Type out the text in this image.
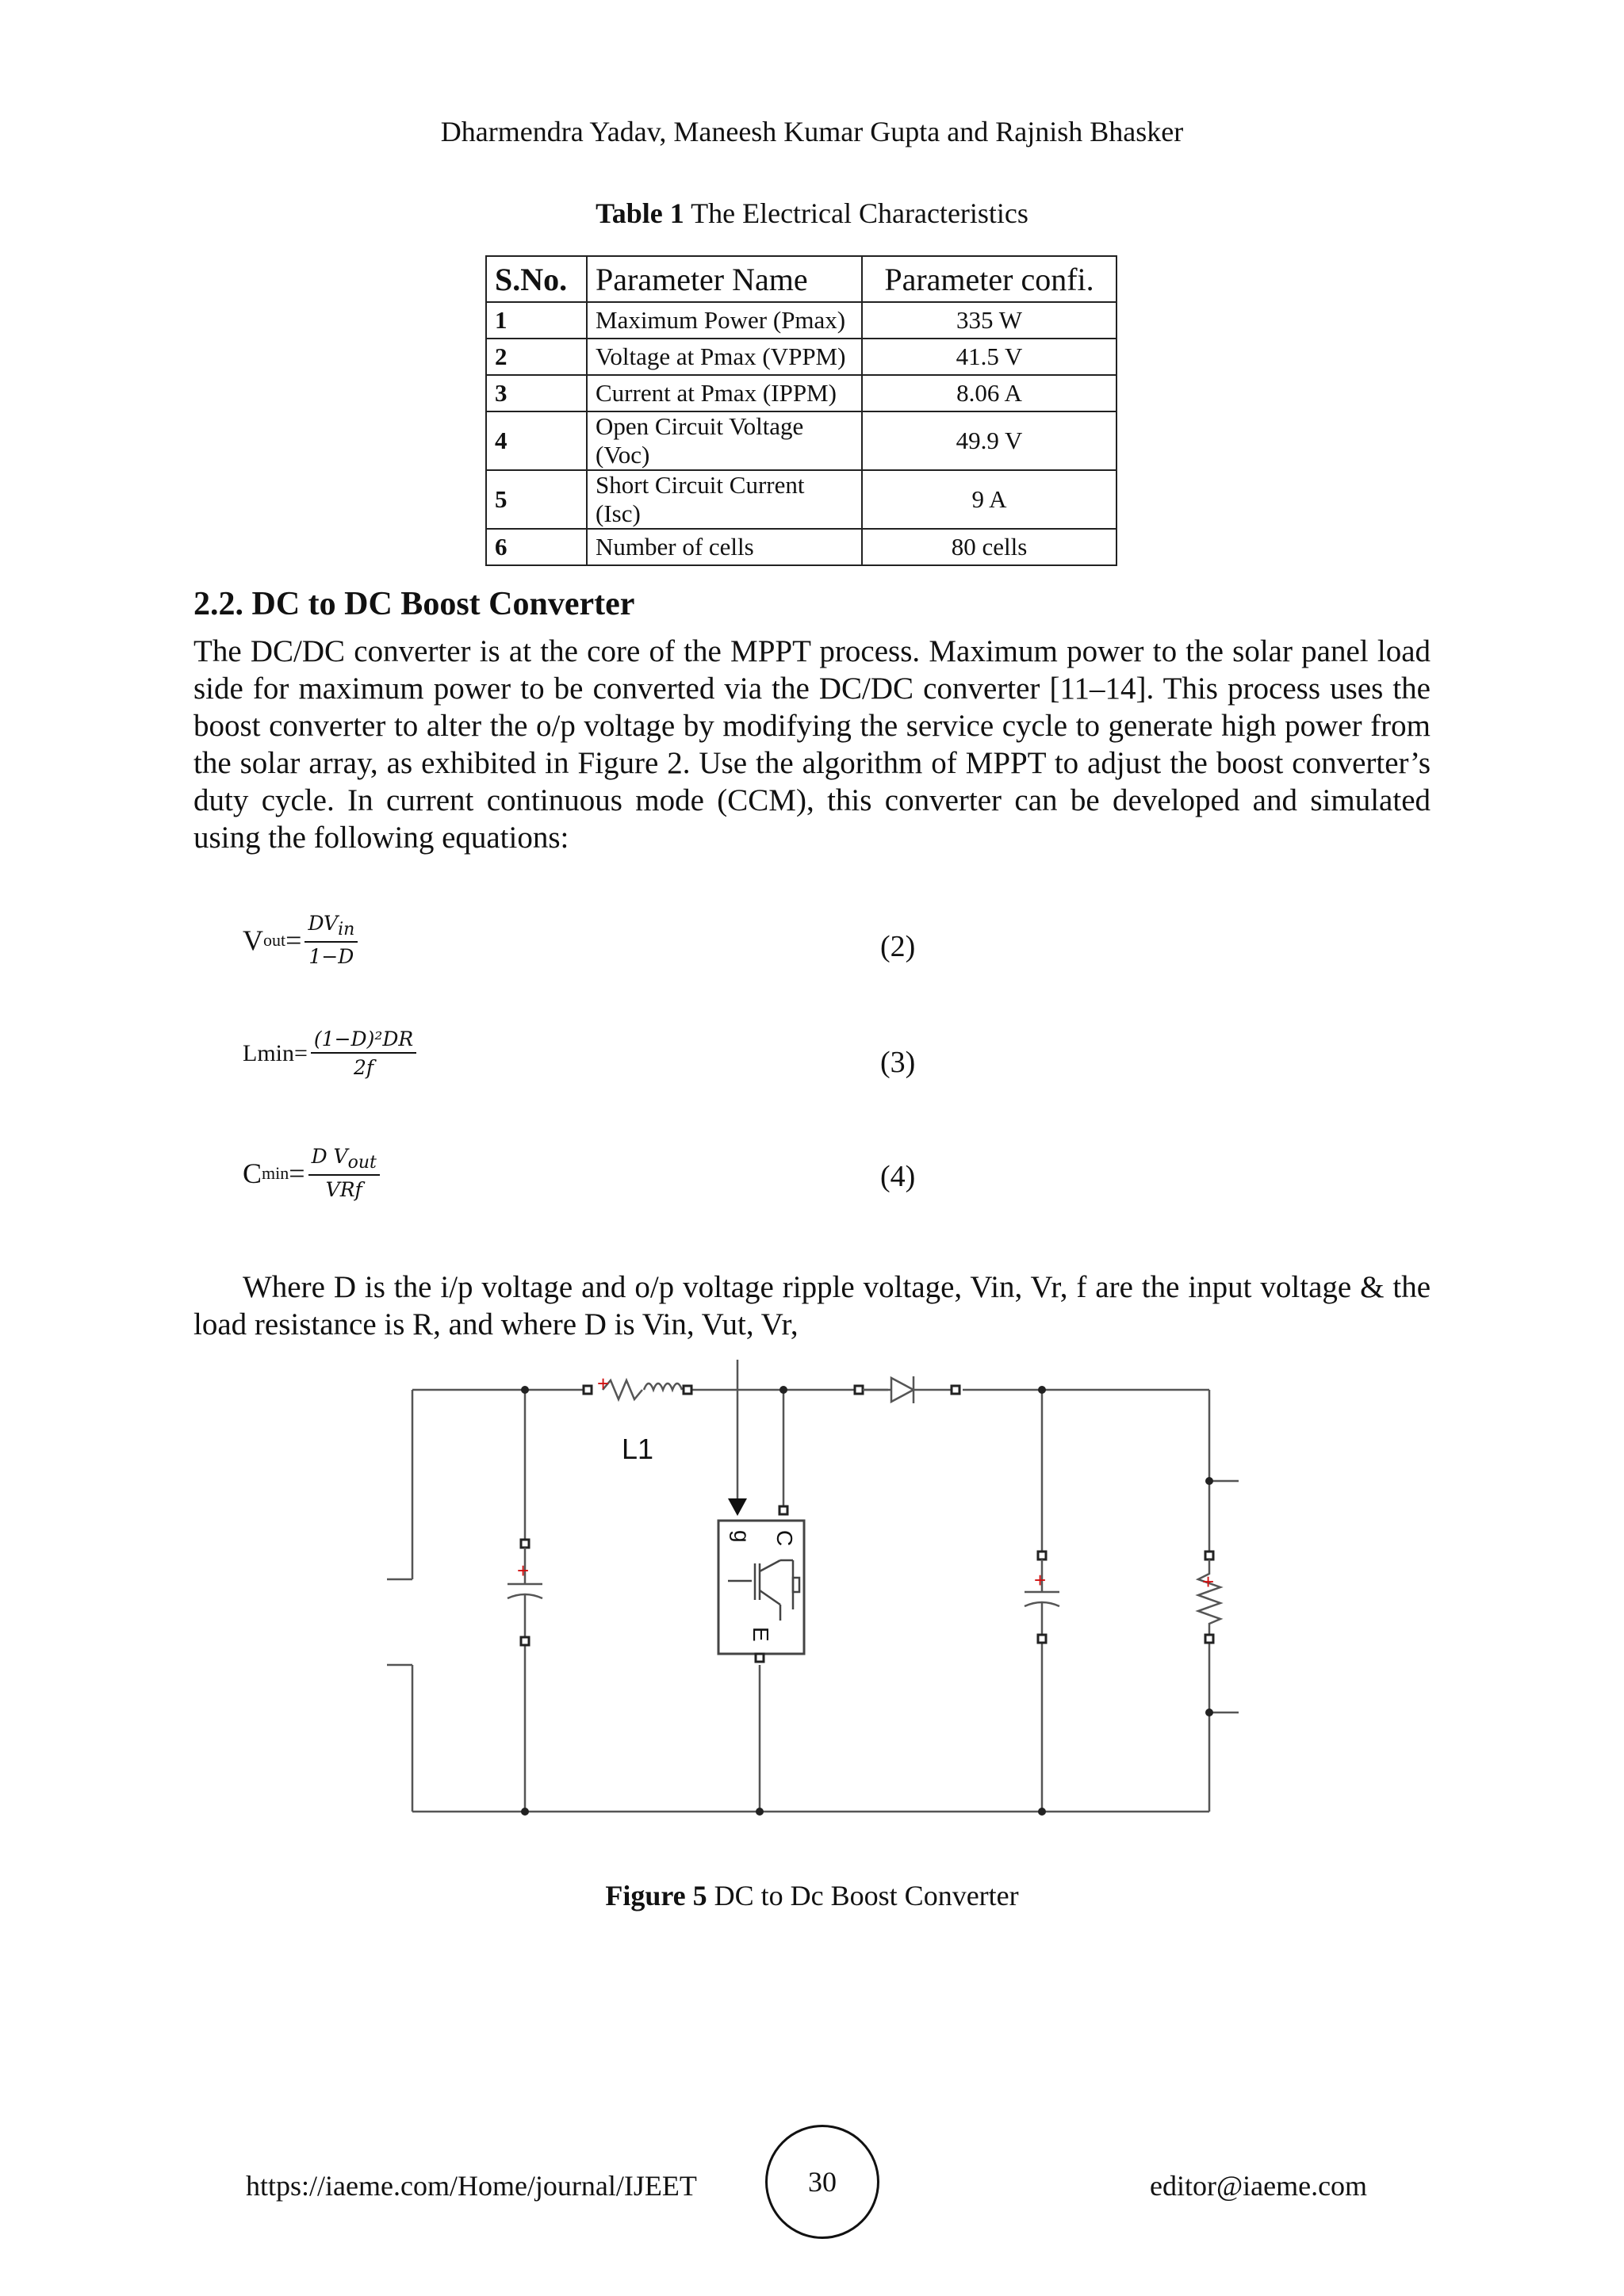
Dharmendra Yadav, Maneesh Kumar Gupta and Rajnish Bhasker
Table 1 The Electrical Characteristics
S.No.	Parameter Name	Parameter confi.
1	Maximum Power (Pmax)	335 W
2	Voltage at Pmax (VPPM)	41.5 V
3	Current at Pmax (IPPM)	8.06 A
4	Open Circuit Voltage (Voc)	49.9 V
5	Short Circuit Current (Isc)	9 A
6	Number of cells	80 cells
2.2. DC to DC Boost Converter
The DC/DC converter is at the core of the MPPT process. Maximum power to the solar panel load side for maximum power to be converted via the DC/DC converter [11–14]. This process uses the boost converter to alter the o/p voltage by modifying the service cycle to generate high power from the solar array, as exhibited in Figure 2. Use the algorithm of MPPT to adjust the boost converter’s duty cycle. In current continuous mode (CCM), this converter can be developed and simulated using the following equations:
V out = $\frac{DV_{in}}{1-D}$	(2)
$Lmin = \frac{\text{(1−D)²DR}}{2f}$	(3)
C $\min = \frac{D V_{out}}{\text{VRf}}$	(4)
Where D is the i/p voltage and o/p voltage ripple voltage, Vin, Vr, f are the input voltage & the load resistance is R, and where D is Vin, Vut, Vr,
+
L1
+
g C
E
+	+
Figure 5 DC to Dc Boost Converter
https://iaeme.com/Home/journal/IJEET	30	editor@iaeme.com
